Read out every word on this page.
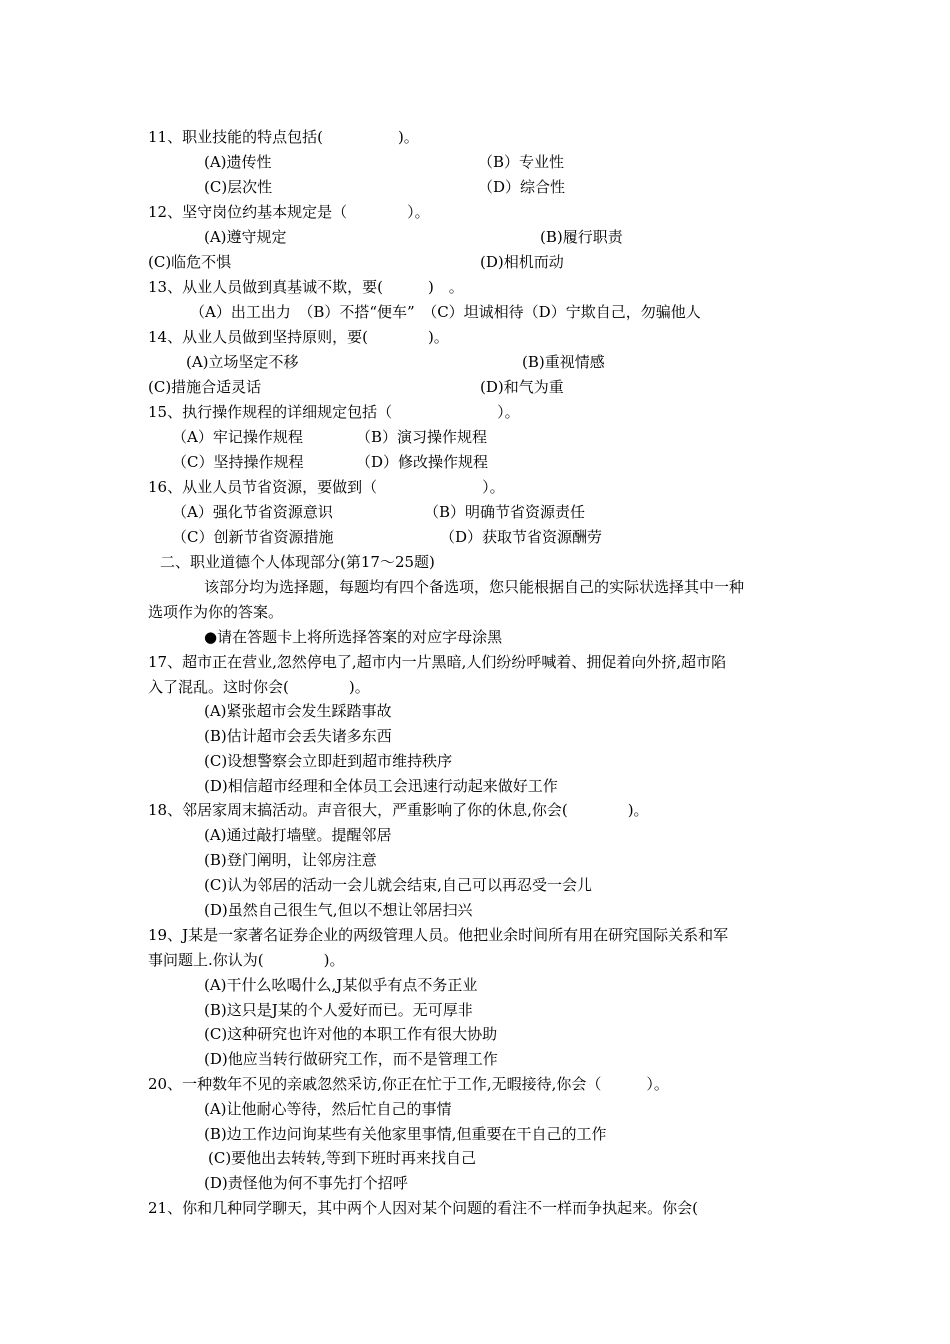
11、职业技能的特点包括(　　　　　)。
(A)遗传性	（B）专业性
(C)层次性	（D）综合性
12、坚守岗位约基本规定是（　　　　）。
(A)遵守规定	(B)履行职责
(C)临危不惧	(D)相机而动
13、从业人员做到真基诚不欺，要(　　　)　。
（A）出工出力　（B）不搭“便车”　（C）坦诚相待（D）宁欺自己，勿骗他人
14、从业人员做到坚持原则，要(　　　　)。
(A)立场坚定不移	(B)重视情感
(C)措施合适灵话	(D)和气为重
15、执行操作规程的详细规定包括（　　　　　　　）。
（A）牢记操作规程	（B）演习操作规程
（C）坚持操作规程	（D）修改操作规程
16、从业人员节省资源，要做到（　　　　　　　）。
（A）强化节省资源意识	（B）明确节省资源责任
（C）创新节省资源措施	（D）获取节省资源酬劳
二、职业道德个人体现部分(第17～25题)
该部分均为选择题，每题均有四个备选项，您只能根据自己的实际状选择其中一种
选项作为你的答案。
●请在答题卡上将所选择答案的对应字母涂黑
17、超市正在营业,忽然停电了,超市内一片黑暗,人们纷纷呼喊着、拥促着向外挤,超市陷
入了混乱。这时你会(　　　　)。
(A)紧张超市会发生踩踏事故
(B)估计超市会丢失诸多东西
(C)设想警察会立即赶到超市维持秩序
(D)相信超市经理和全体员工会迅速行动起来做好工作
18、邻居家周末搞活动。声音很大，严重影响了你的休息,你会(　　　　)。
(A)通过敲打墙壁。提醒邻居
(B)登门阐明，让邻房注意
(C)认为邻居的活动一会儿就会结束,自己可以再忍受一会儿
(D)虽然自己很生气,但以不想让邻居扫兴
19、J某是一家著名证券企业的两级管理人员。他把业余时间所有用在研究国际关系和军
事问题上.你认为(　　　　)。
(A)干什么吆喝什么,J某似乎有点不务正业
(B)这只是J某的个人爱好而已。无可厚非
(C)这种研究也许对他的本职工作有很大协助
(D)他应当转行做研究工作，而不是管理工作
20、一种数年不见的亲戚忽然采访,你正在忙于工作,无暇接待,你会（　　　）。
(A)让他耐心等待，然后忙自己的事情
(B)边工作边问询某些有关他家里事情,但重要在干自己的工作
(C)要他出去转转,等到下班时再来找自己
(D)责怪他为何不事先打个招呼
21、你和几种同学聊天，其中两个人因对某个问题的看注不一样而争执起来。你会(
